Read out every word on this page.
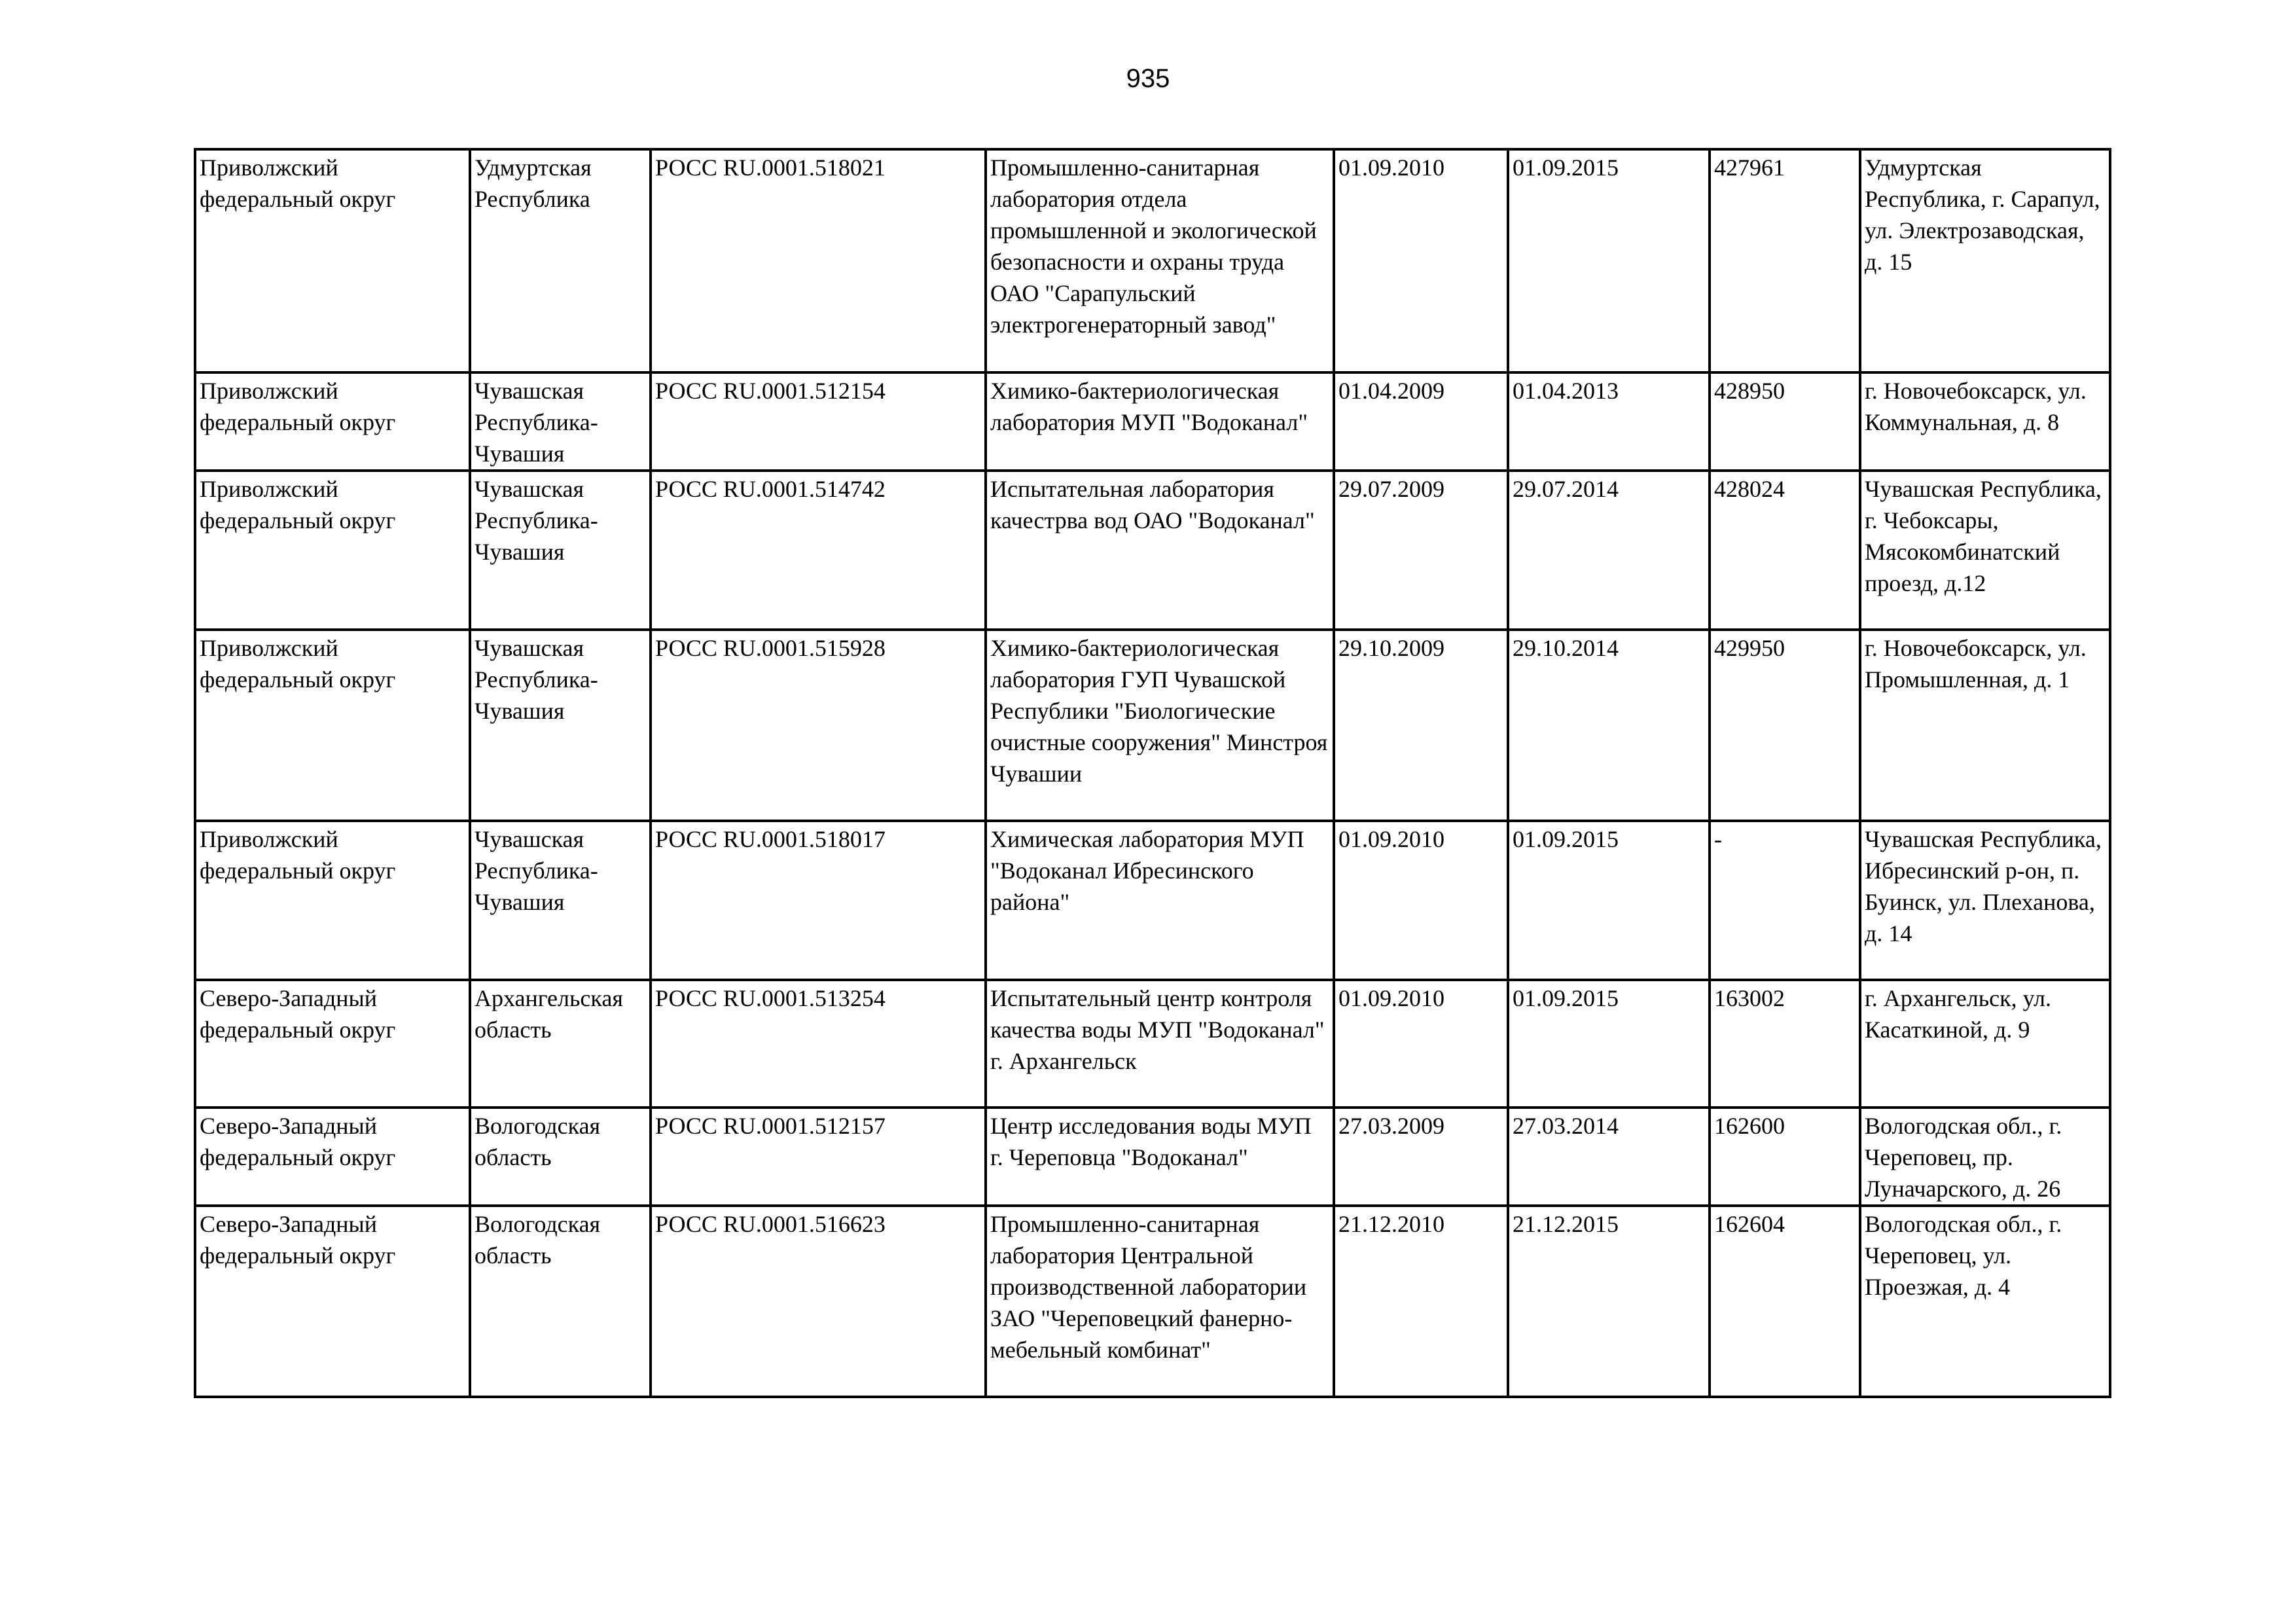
935
Приволжский федеральный округ	Удмуртская Республика	РОСС RU.0001.518021	Промышленно-санитарная лаборатория отдела промышленной и экологической безопасности и охраны труда ОАО "Сарапульский электрогенераторный завод"	01.09.2010	01.09.2015	427961	Удмуртская Республика, г. Сарапул, ул. Электрозаводская, д. 15
Приволжский федеральный округ	Чувашская Республика-Чувашия	РОСС RU.0001.512154	Химико-бактериологическая лаборатория МУП "Водоканал"	01.04.2009	01.04.2013	428950	г. Новочебоксарск, ул. Коммунальная, д. 8
Приволжский федеральный округ	Чувашская Республика-Чувашия	РОСС RU.0001.514742	Испытательная лаборатория качестрва вод ОАО "Водоканал"	29.07.2009	29.07.2014	428024	Чувашская Республика, г. Чебоксары, Мясокомбинатский проезд, д.12
Приволжский федеральный округ	Чувашская Республика-Чувашия	РОСС RU.0001.515928	Химико-бактериологическая лаборатория ГУП Чувашской Республики "Биологические очистные сооружения" Минстроя Чувашии	29.10.2009	29.10.2014	429950	г. Новочебоксарск, ул. Промышленная, д. 1
Приволжский федеральный округ	Чувашская Республика-Чувашия	РОСС RU.0001.518017	Химическая лаборатория МУП "Водоканал Ибресинского района"	01.09.2010	01.09.2015	-	Чувашская Республика, Ибресинский р-он, п. Буинск, ул. Плеханова, д. 14
Северо-Западный федеральный округ	Архангельская область	РОСС RU.0001.513254	Испытательный центр контроля качества воды МУП "Водоканал" г. Архангельск	01.09.2010	01.09.2015	163002	г. Архангельск, ул. Касаткиной, д. 9
Северо-Западный федеральный округ	Вологодская область	РОСС RU.0001.512157	Центр исследования воды МУП г. Череповца "Водоканал"	27.03.2009	27.03.2014	162600	Вологодская обл., г. Череповец, пр. Луначарского, д. 26
Северо-Западный федеральный округ	Вологодская область	РОСС RU.0001.516623	Промышленно-санитарная лаборатория Центральной производственной лаборатории ЗАО "Череповецкий фанерно-мебельный комбинат"	21.12.2010	21.12.2015	162604	Вологодская обл., г. Череповец, ул. Проезжая, д. 4
